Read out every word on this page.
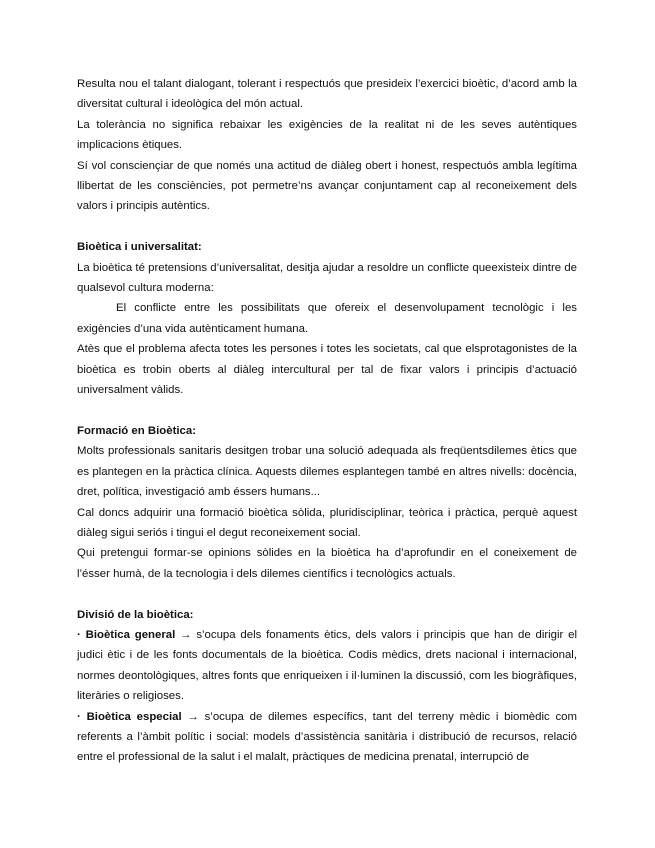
Resulta nou el talant dialogant, tolerant i respectuós que presideix l’exercici bioètic, d’acord amb la diversitat cultural i ideològica del món actual.

La tolerància no significa rebaixar les exigències de la realitat ni de les seves autèntiques implicacions ètiques.

Sí vol consciençiar de que només una actitud de diàleg obert i honest, respectuós ambla legítima llibertat de les consciències, pot permetre’ns avançar conjuntament cap al reconeixement dels valors i principis autèntics.

Bioètica i universalitat:

La bioètica té pretensions d’universalitat, desitja ajudar a resoldre un conflicte queexisteix dintre de qualsevol cultura moderna:

El conflicte entre les possibilitats que ofereix el desenvolupament tecnològic i les exigències d’una vida autènticament humana.

Atès que el problema afecta totes les persones i totes les societats, cal que elsprotagonistes de la bioètica es trobin oberts al diàleg intercultural per tal de fixar valors i principis d’actuació universalment vàlids.

Formació en Bioètica:

Molts professionals sanitaris desitgen trobar una solució adequada als freqüentsdilemes ètics que es plantegen en la pràctica clínica. Aquests dilemes esplantegen també en altres nivells: docència, dret, política, investigació amb éssers humans...

Cal doncs adquirir una formació bioètica sòlida, pluridisciplinar, teòrica i pràctica, perquè aquest diàleg sigui seriós i tingui el degut reconeixement social.

Qui pretengui formar-se opinions sòlides en la bioètica ha d’aprofundir en el coneixement de l’ésser humà, de la tecnologia i dels dilemes científics i tecnològics actuals.

Divisió de la bioètica:

· Bioètica general → s’ocupa dels fonaments ètics, dels valors i principis que han de dirigir el judici ètic i de les fonts documentals de la bioètica. Codis mèdics, drets nacional i internacional, normes deontològiques, altres fonts que enriqueixen i il·luminen la discussió, com les biogràfiques, literàries o religioses.

· Bioètica especial → s’ocupa de dilemes específics, tant del terreny mèdic i biomèdic com referents a l’àmbit polític i social: models d’assistència sanitària i distribució de recursos, relació entre el professional de la salut i el malalt, pràctiques de medicina prenatal, interrupció de
